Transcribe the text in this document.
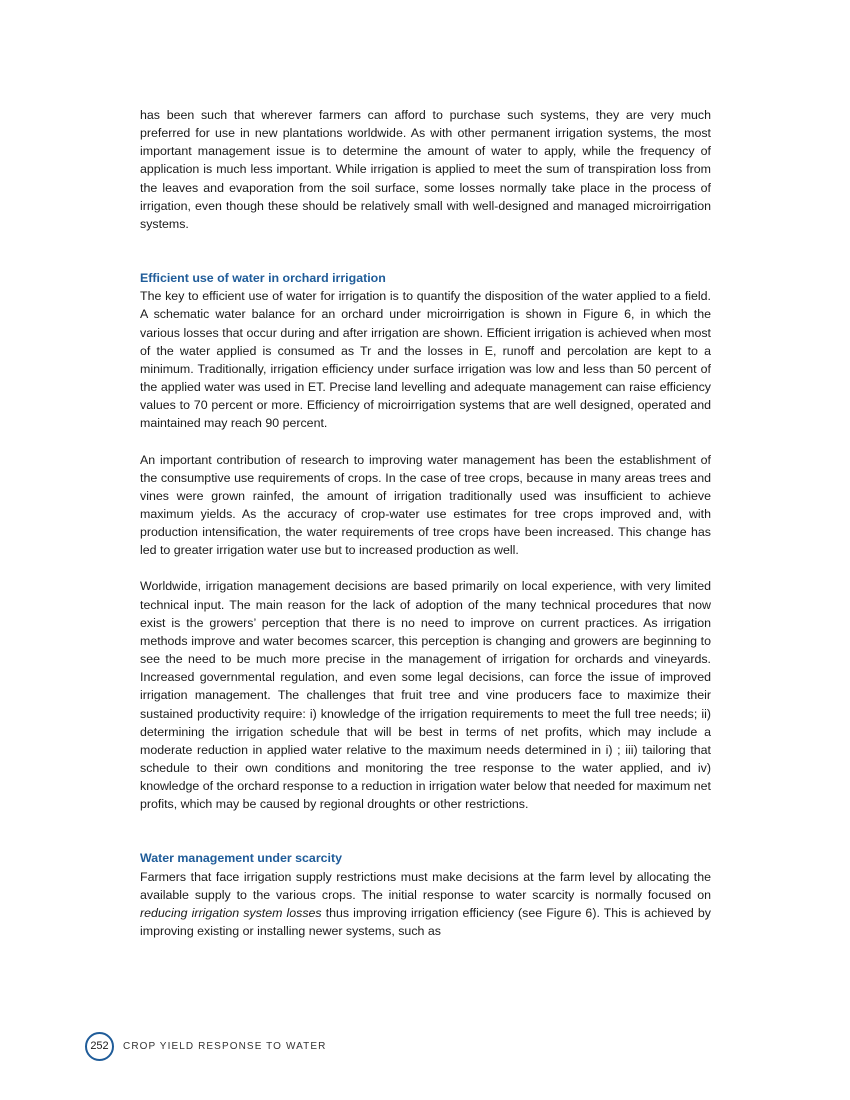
has been such that wherever farmers can afford to purchase such systems, they are very much preferred for use in new plantations worldwide. As with other permanent irrigation systems, the most important management issue is to determine the amount of water to apply, while the frequency of application is much less important. While irrigation is applied to meet the sum of transpiration loss from the leaves and evaporation from the soil surface, some losses normally take place in the process of irrigation, even though these should be relatively small with well-designed and managed microirrigation systems.

Efficient use of water in orchard irrigation

The key to efficient use of water for irrigation is to quantify the disposition of the water applied to a field. A schematic water balance for an orchard under microirrigation is shown in Figure 6, in which the various losses that occur during and after irrigation are shown. Efficient irrigation is achieved when most of the water applied is consumed as Tr and the losses in E, runoff and percolation are kept to a minimum. Traditionally, irrigation efficiency under surface irrigation was low and less than 50 percent of the applied water was used in ET. Precise land levelling and adequate management can raise efficiency values to 70 percent or more. Efficiency of microirrigation systems that are well designed, operated and maintained may reach 90 percent.

An important contribution of research to improving water management has been the establishment of the consumptive use requirements of crops. In the case of tree crops, because in many areas trees and vines were grown rainfed, the amount of irrigation traditionally used was insufficient to achieve maximum yields. As the accuracy of crop-water use estimates for tree crops improved and, with production intensification, the water requirements of tree crops have been increased. This change has led to greater irrigation water use but to increased production as well.

Worldwide, irrigation management decisions are based primarily on local experience, with very limited technical input. The main reason for the lack of adoption of the many technical procedures that now exist is the growers’ perception that there is no need to improve on current practices. As irrigation methods improve and water becomes scarcer, this perception is changing and growers are beginning to see the need to be much more precise in the management of irrigation for orchards and vineyards. Increased governmental regulation, and even some legal decisions, can force the issue of improved irrigation management. The challenges that fruit tree and vine producers face to maximize their sustained productivity require: i) knowledge of the irrigation requirements to meet the full tree needs; ii) determining the irrigation schedule that will be best in terms of net profits, which may include a moderate reduction in applied water relative to the maximum needs determined in i) ; iii) tailoring that schedule to their own conditions and monitoring the tree response to the water applied, and iv) knowledge of the orchard response to a reduction in irrigation water below that needed for maximum net profits, which may be caused by regional droughts or other restrictions.

Water management under scarcity

Farmers that face irrigation supply restrictions must make decisions at the farm level by allocating the available supply to the various crops. The initial response to water scarcity is normally focused on reducing irrigation system losses thus improving irrigation efficiency (see Figure 6). This is achieved by improving existing or installing newer systems, such as

252 CROP YIELD RESPONSE TO WATER
